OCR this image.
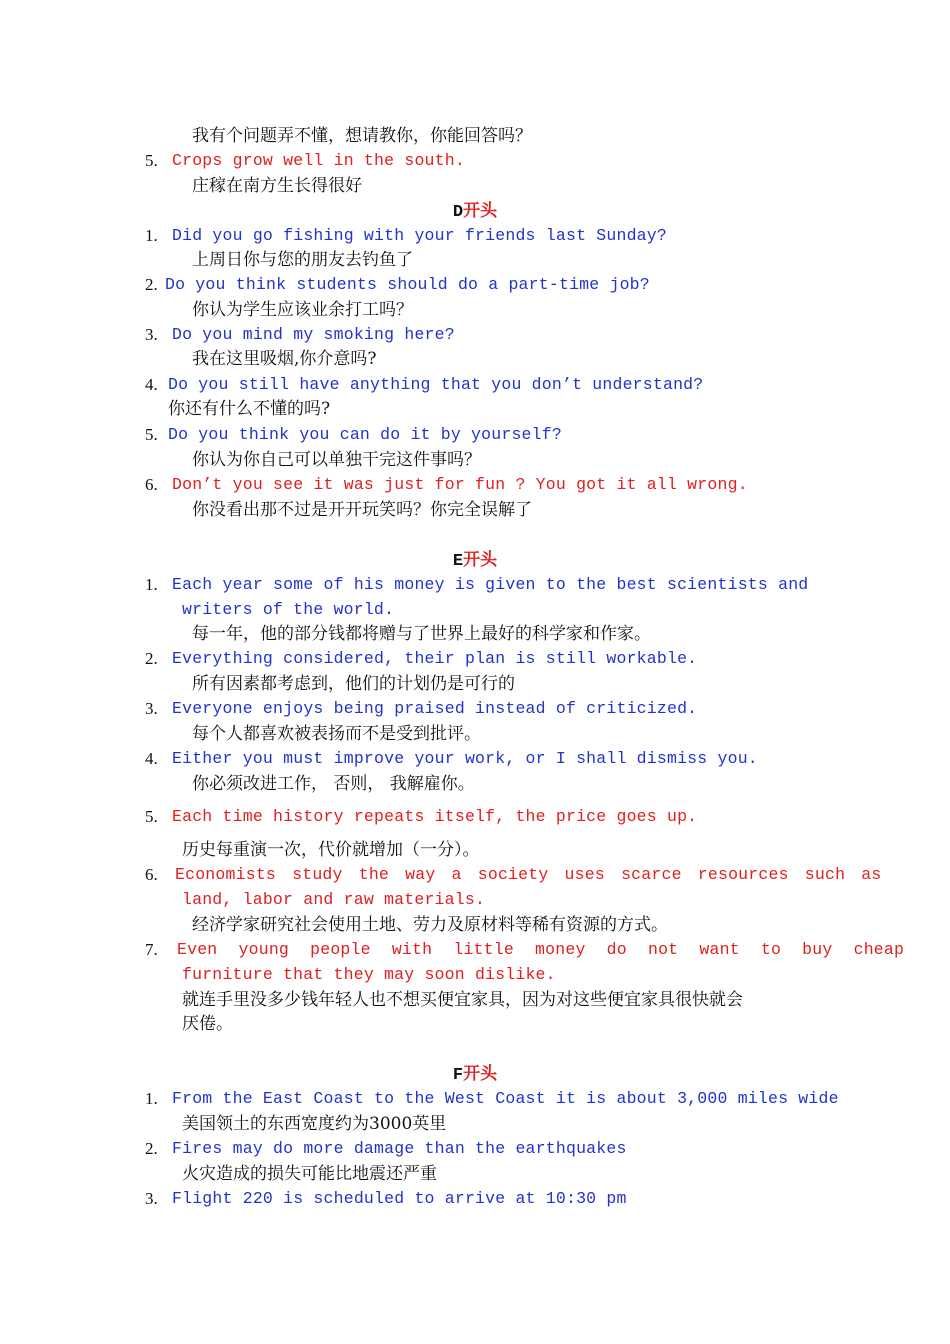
我有个问题弄不懂，想请教你，你能回答吗？
5. Crops grow well in the south.
庄稼在南方生长得很好
D开头
1. Did you go fishing with your friends last Sunday?
上周日你与您的朋友去钓鱼了
2. Do you think students should do a part-time job?
你认为学生应该业余打工吗？
3. Do you mind my smoking here?
我在这里吸烟,你介意吗?
4. Do you still have anything that you don’t understand?
你还有什么不懂的吗?
5. Do you think you can do it by yourself?
你认为你自己可以单独干完这件事吗？
6. Don’t you see it was just for fun ? You got it all wrong.
你没看出那不过是开开玩笑吗？你完全误解了
E开头
1. Each year some of his money is given to the best scientists and
writers of the world.
每一年，他的部分钱都将赠与了世界上最好的科学家和作家。
2. Everything considered, their plan is still workable.
所有因素都考虑到，他们的计划仍是可行的
3. Everyone enjoys being praised instead of criticized.
每个人都喜欢被表扬而不是受到批评。
4. Either you must improve your work, or I shall dismiss you.
你必须改进工作， 否则， 我解雇你。
5. Each time history repeats itself, the price goes up.
历史每重演一次，代价就增加（一分）。
6. Economists study the way a society uses scarce resources such as
land, labor and raw materials.
经济学家研究社会使用土地、劳力及原材料等稀有资源的方式。
7. Even young people with little money do not want to buy cheap
furniture that they may soon dislike.
就连手里没多少钱年轻人也不想买便宜家具，因为对这些便宜家具很快就会
厌倦。
F开头
1. From the East Coast to the West Coast it is about 3,000 miles wide
美国领土的东西宽度约为3000英里
2. Fires may do more damage than the earthquakes
火灾造成的损失可能比地震还严重
3. Flight 220 is scheduled to arrive at 10:30 pm
